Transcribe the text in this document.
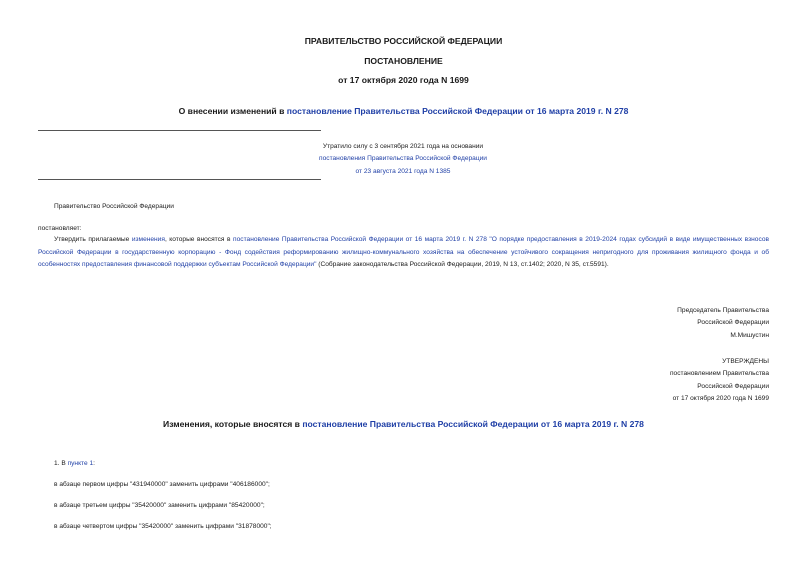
ПРАВИТЕЛЬСТВО РОССИЙСКОЙ ФЕДЕРАЦИИ
ПОСТАНОВЛЕНИЕ
от 17 октября 2020 года N 1699
О внесении изменений в постановление Правительства Российской Федерации от 16 марта 2019 г. N 278
Утратило силу с 3 сентября 2021 года на основании
постановления Правительства Российской Федерации
от 23 августа 2021 года N 1385
Правительство Российской Федерации
постановляет:
Утвердить прилагаемые изменения, которые вносятся в постановление Правительства Российской Федерации от 16 марта 2019 г. N 278 "О порядке предоставления в 2019-2024 годах субсидий в виде имущественных взносов Российской Федерации в государственную корпорацию - Фонд содействия реформированию жилищно-коммунального хозяйства на обеспечение устойчивого сокращения непригодного для проживания жилищного фонда и об особенностях предоставления финансовой поддержки субъектам Российской Федерации" (Собрание законодательства Российской Федерации, 2019, N 13, ст.1402; 2020, N 35, ст.5591).
Председатель Правительства
Российской Федерации
М.Мишустин
УТВЕРЖДЕНЫ
постановлением Правительства
Российской Федерации
от 17 октября 2020 года N 1699
Изменения, которые вносятся в постановление Правительства Российской Федерации от 16 марта 2019 г. N 278
1. В пункте 1:
в абзаце первом цифры "431940000" заменить цифрами "406186000";
в абзаце третьем цифры "35420000" заменить цифрами "85420000";
в абзаце четвертом цифры "35420000" заменить цифрами "31878000";
